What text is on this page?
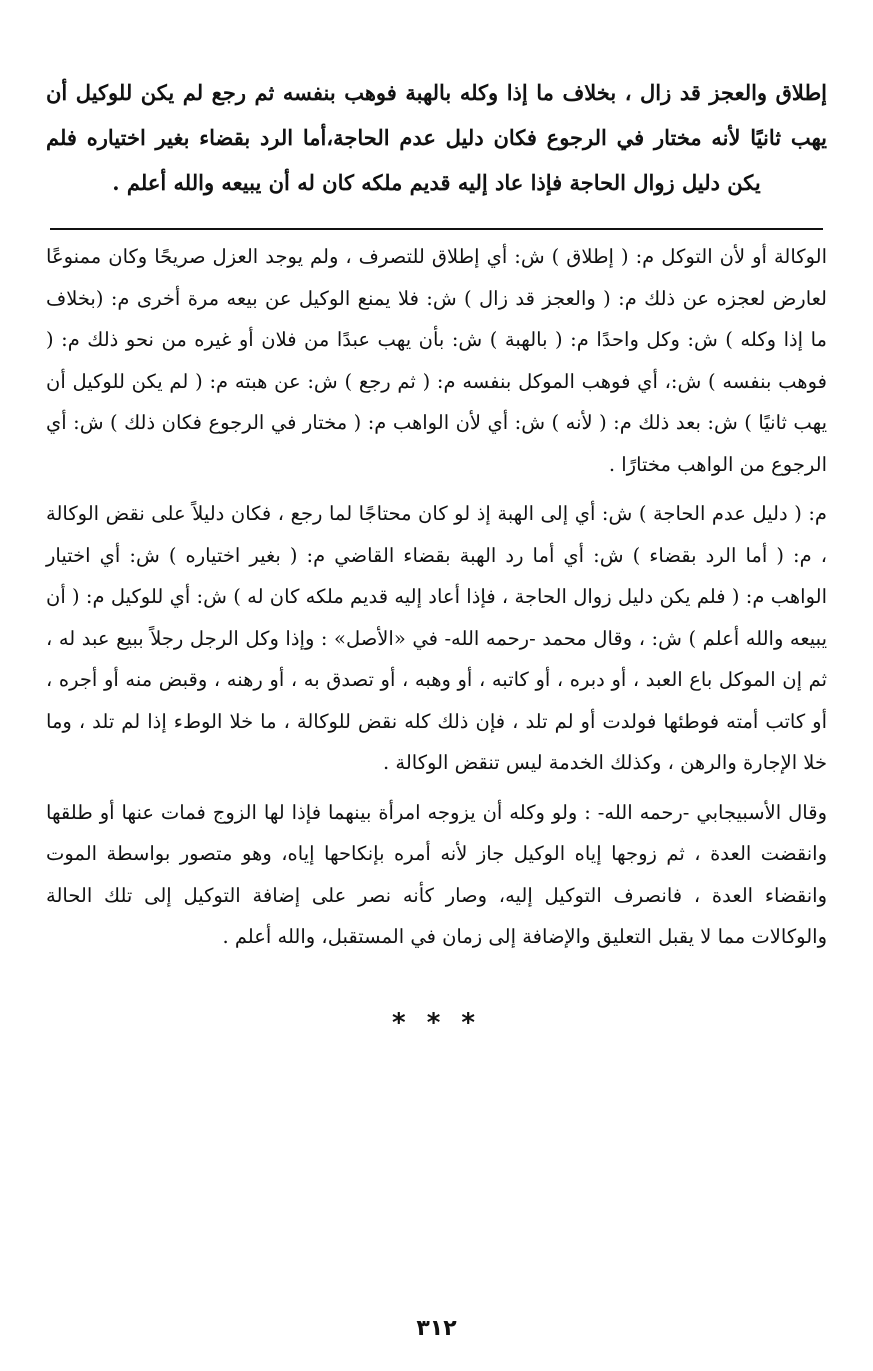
إطلاق والعجز قد زال ، بخلاف ما إذا وكله بالهبة فوهب بنفسه ثم رجع لم يكن للوكيل أن يهب ثانيًا لأنه مختار في الرجوع فكان دليل عدم الحاجة،أما الرد بقضاء بغير اختياره فلم يكن دليل زوال الحاجة فإذا عاد إليه قديم ملكه كان له أن يبيعه والله أعلم .

الوكالة أو لأن التوكل م: ( إطلاق ) ش: أي إطلاق للتصرف ، ولم يوجد العزل صريحًا وكان ممنوعًا لعارض لعجزه عن ذلك م: ( والعجز قد زال ) ش: فلا يمنع الوكيل عن بيعه مرة أخرى م: (بخلاف ما إذا وكله ) ش: وكل واحدًا م: ( بالهبة ) ش: بأن يهب عبدًا من فلان أو غيره من نحو ذلك م: ( فوهب بنفسه ) ش:، أي فوهب الموكل بنفسه م: ( ثم رجع ) ش: عن هبته م: ( لم يكن للوكيل أن يهب ثانيًا ) ش: بعد ذلك م: ( لأنه ) ش: أي لأن الواهب م: ( مختار في الرجوع فكان ذلك ) ش: أي الرجوع من الواهب مختارًا .

م: ( دليل عدم الحاجة ) ش: أي إلى الهبة إذ لو كان محتاجًا لما رجع ، فكان دليلاً على نقض الوكالة ، م: ( أما الرد بقضاء ) ش: أي أما رد الهبة بقضاء القاضي م: ( بغير اختياره ) ش: أي اختيار الواهب م: ( فلم يكن دليل زوال الحاجة ، فإذا أعاد إليه قديم ملكه كان له ) ش: أي للوكيل م: ( أن يبيعه والله أعلم ) ش: ، وقال محمد -رحمه الله- في «الأصل» : وإذا وكل الرجل رجلاً ببيع عبد له ، ثم إن الموكل باع العبد ، أو دبره ، أو كاتبه ، أو وهبه ، أو تصدق به ، أو رهنه ، وقبض منه أو أجره ، أو كاتب أمته فوطئها فولدت أو لم تلد ، فإن ذلك كله نقض للوكالة ، ما خلا الوطء إذا لم تلد ، وما خلا الإجارة والرهن ، وكذلك الخدمة ليس تنقض الوكالة .

وقال الأسبيجابي -رحمه الله- : ولو وكله أن يزوجه امرأة بينهما فإذا لها الزوج فمات عنها أو طلقها وانقضت العدة ، ثم زوجها إياه الوكيل جاز لأنه أمره بإنكاحها إياه، وهو متصور بواسطة الموت وانقضاء العدة ، فانصرف التوكيل إليه، وصار كأنه نصر على إضافة التوكيل إلى تلك الحالة والوكالات مما لا يقبل التعليق والإضافة إلى زمان في المستقبل، والله أعلم .

* * *
٣١٢
